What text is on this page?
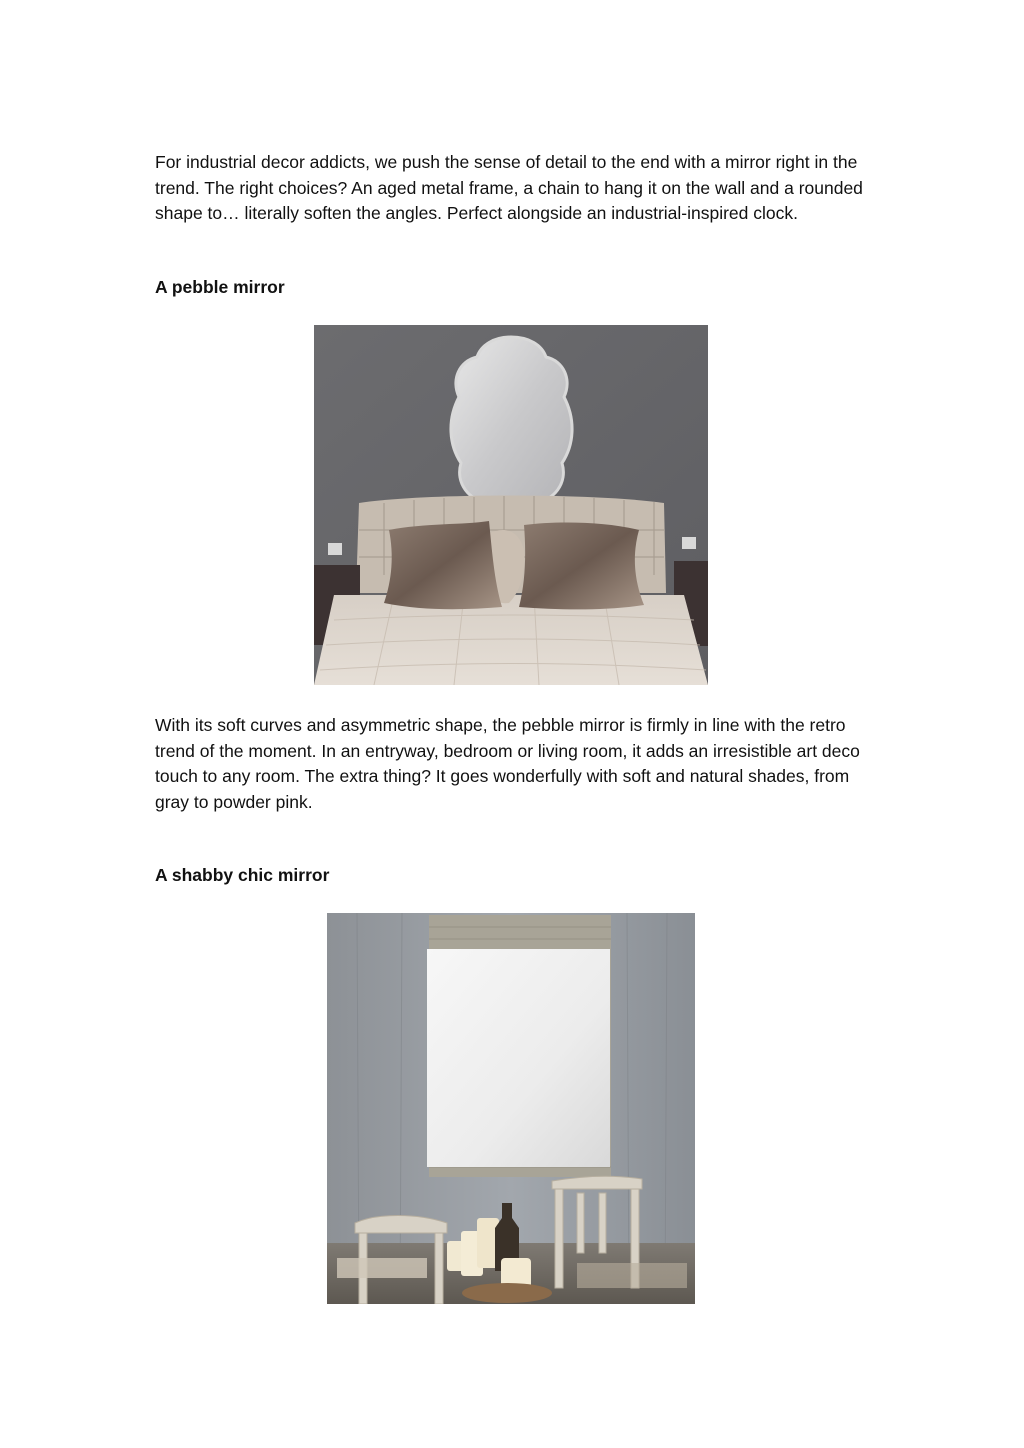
For industrial decor addicts, we push the sense of detail to the end with a mirror right in the trend. The right choices? An aged metal frame, a chain to hang it on the wall and a rounded shape to… literally soften the angles. Perfect alongside an industrial-inspired clock.

A pebble mirror

With its soft curves and asymmetric shape, the pebble mirror is firmly in line with the retro trend of the moment. In an entryway, bedroom or living room, it adds an irresistible art deco touch to any room. The extra thing? It goes wonderfully with soft and natural shades, from gray to powder pink.

A shabby chic mirror
